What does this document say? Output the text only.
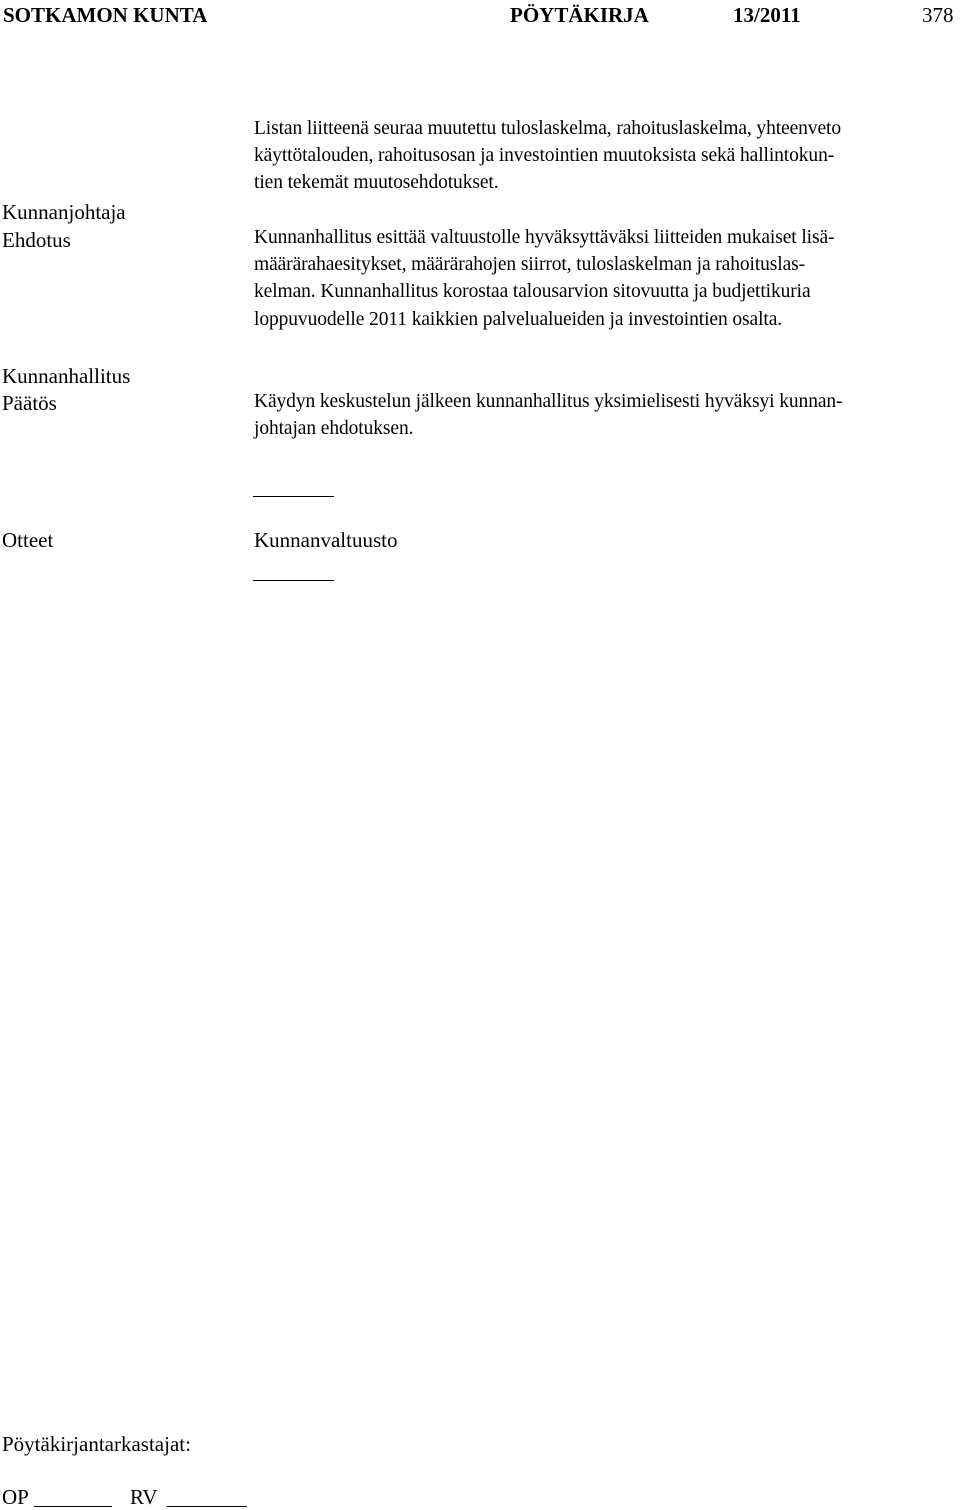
SOTKAMON KUNTA	PÖYTÄKIRJA	13/2011	378
Listan liitteenä seuraa muutettu tuloslaskelma, rahoituslaskelma, yhteenveto
käyttötalouden, rahoitusosan ja investointien muutoksista sekä hallintokun-
tien tekemät muutosehdotukset.
Kunnanjohtaja
Ehdotus	Kunnanhallitus esittää valtuustolle hyväksyttäväksi liitteiden mukaiset lisä-
määrärahaesitykset, määrärahojen siirrot, tuloslaskelman ja rahoituslas-
kelman. Kunnanhallitus korostaa talousarvion sitovuutta ja budjettikuria
loppuvuodelle 2011 kaikkien palvelualueiden ja investointien osalta.
Kunnanhallitus
Päätös	Käydyn keskustelun jälkeen kunnanhallitus yksimielisesti hyväksyi kunnan-
johtajan ehdotuksen.
Otteet	Kunnanvaltuusto
Pöytäkirjantarkastajat:
OP	RV
